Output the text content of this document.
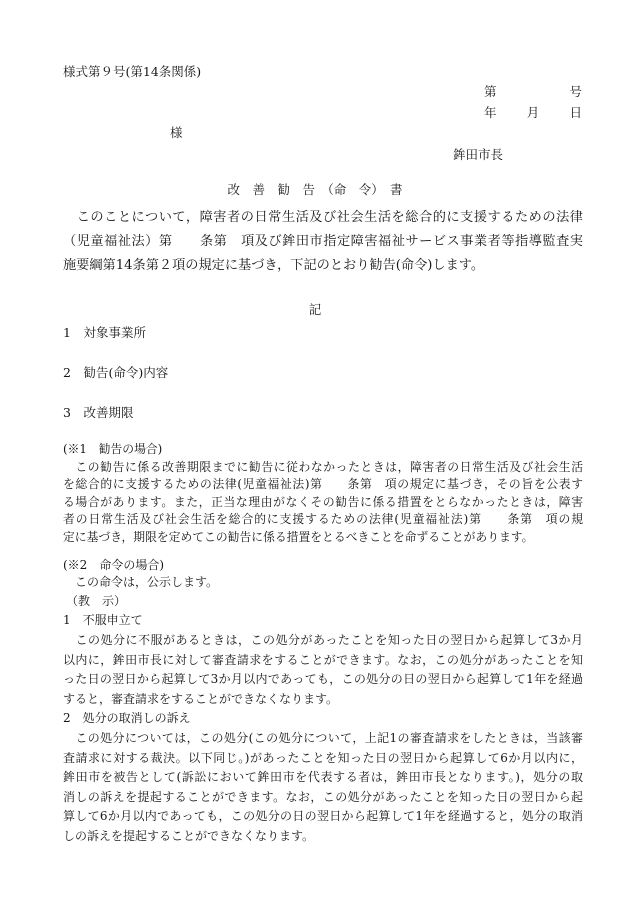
様式第９号(第14条関係)
第	号
年 月 日
様
鉾田市長
改　善　勧　告　（命　令）　書
　このことについて，障害者の日常生活及び社会生活を総合的に支援するための法律
（児童福祉法）第　　条第　項及び鉾田市指定障害福祉サービス事業者等指導監査実
施要綱第14条第２項の規定に基づき，下記のとおり勧告(命令)します。
記
1　対象事業所
2　勧告(命令)内容
3　改善期限
(※1　勧告の場合)
　この勧告に係る改善期限までに勧告に従わなかったときは，障害者の日常生活及び社会生活
を総合的に支援するための法律(児童福祉法)第　　条第　項の規定に基づき，その旨を公表す
る場合があります。また，正当な理由がなくその勧告に係る措置をとらなかったときは，障害
者の日常生活及び社会生活を総合的に支援するための法律(児童福祉法)第　　条第　項の規
定に基づき，期限を定めてこの勧告に係る措置をとるべきことを命ずることがあります。
(※2　命令の場合)
　この命令は，公示します。
（教　示）
1　不服申立て
　この処分に不服があるときは，この処分があったことを知った日の翌日から起算して3か月
以内に，鉾田市長に対して審査請求をすることができます。なお，この処分があったことを知
った日の翌日から起算して3か月以内であっても，この処分の日の翌日から起算して1年を経過
すると，審査請求をすることができなくなります。
2　処分の取消しの訴え
　この処分については，この処分(この処分について，上記1の審査請求をしたときは，当該審
査請求に対する裁決。以下同じ。)があったことを知った日の翌日から起算して6か月以内に，
鉾田市を被告として(訴訟において鉾田市を代表する者は，鉾田市長となります。)，処分の取
消しの訴えを提起することができます。なお，この処分があったことを知った日の翌日から起
算して6か月以内であっても，この処分の日の翌日から起算して1年を経過すると，処分の取消
しの訴えを提起することができなくなります。
